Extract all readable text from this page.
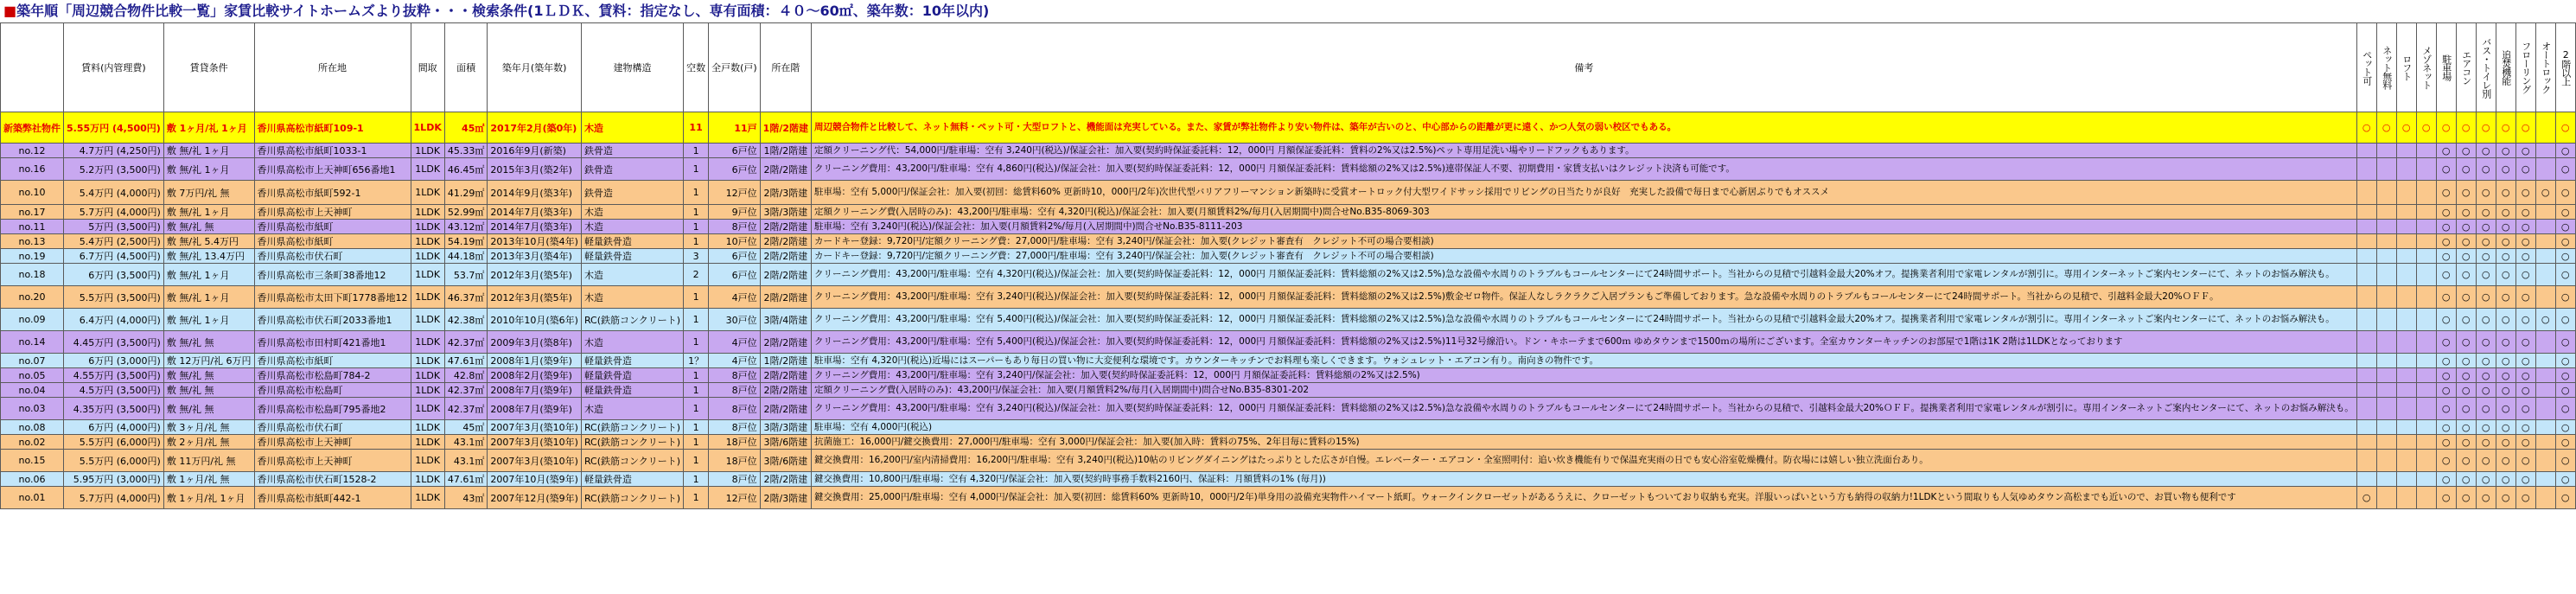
■築年順「周辺競合物件比較一覧」家賃比較サイトホームズより抜粋・・・検索条件(1ＬＤＫ、賃料：指定なし、専有面積：４０～60㎡、築年数：10年以内)
	賃料(内管理費)	賃貸条件	所在地	間取	面積	築年月(築年数)	建物構造	空数	全戸数(戸)	所在階	備考	ペット可	ネット無料	ロフト	メゾネット	駐車場	エアコン	バス・トイレ別	追焚機能	フローリング	オートロック	2階以上
新築弊社物件	5.55万円 (4,500円)	敷 1ヶ月/礼 1ヶ月	香川県高松市紙町109-1	1LDK	45㎡	2017年2月(築0年)	木造	11	11戸	1階/2階建	周辺競合物件と比較して、ネット無料・ペット可・大型ロフトと、機能面は充実している。また、家賃が弊社物件より安い物件は、築年が古いのと、中心部からの距離が更に遠く、かつ人気の弱い校区でもある。	○	○	○	○	○	○	○	○	○		○
no.12	4.7万円 (4,250円)	敷 無/礼 1ヶ月	香川県高松市紙町1033-1	1LDK	45.33㎡	2016年9月(新築)	鉄骨造	1	6戸位	1階/2階建	定額クリーニング代：54,000円/駐車場：空有 3,240円(税込)/保証会社：加入要(契約時保証委託料：12，000円 月額保証委託料：賃料の2%又は2.5%)ペット専用足洗い場やリードフックもあります。					○	○	○	○	○		○
no.16	5.2万円 (3,500円)	敷 無/礼 1ヶ月	香川県高松市上天神町656番地1	1LDK	46.45㎡	2015年3月(築2年)	鉄骨造	1	6戸位	2階/2階建	クリーニング費用：43,200円/駐車場：空有 4,860円(税込)/保証会社：加入要(契約時保証委託料：12，000円 月額保証委託料：賃料総額の2%又は2.5%)連帯保証人不要、初期費用・家賃支払いはクレジット決済も可能です。					○	○	○	○	○		○
no.10	5.4万円 (4,000円)	敷 7万円/礼 無	香川県高松市紙町592-1	1LDK	41.29㎡	2014年9月(築3年)	鉄骨造	1	12戸位	2階/3階建	駐車場：空有 5,000円/保証会社：加入要(初回：総賃料60% 更新時10，000円/2年)次世代型バリアフリーマンション新築時に受賞オートロック付大型ワイドサッシ採用でリビングの日当たりが良好　充実した設備で毎日まで心新居ぶりでもオススメ					○	○	○	○	○	○	○
no.17	5.7万円 (4,000円)	敷 無/礼 1ヶ月	香川県高松市上天神町	1LDK	52.99㎡	2014年7月(築3年)	木造	1	9戸位	3階/3階建	定額クリーニング費(入居時のみ)：43,200円/駐車場：空有 4,320円(税込)/保証会社：加入要(月額賃料2%/毎月(入居期間中)問合せNo.B35-8069-303					○	○	○	○	○		○
no.11	5万円 (3,500円)	敷 無/礼 無	香川県高松市紙町	1LDK	43.12㎡	2014年7月(築3年)	木造	1	8戸位	2階/2階建	駐車場：空有 3,240円(税込)/保証会社：加入要(月額賃料2%/毎月(入居期間中)問合せNo.B35-8111-203					○	○	○	○	○		○
no.13	5.4万円 (2,500円)	敷 無/礼 5.4万円	香川県高松市紙町	1LDK	54.19㎡	2013年10月(築4年)	軽量鉄骨造	1	10戸位	2階/2階建	カードキー登録：9,720円/定額クリーニング費：27,000円/駐車場：空有 3,240円/保証会社：加入要(クレジット審査有　クレジット不可の場合要相談)					○	○	○	○	○		○
no.19	6.7万円 (4,500円)	敷 無/礼 13.4万円	香川県高松市伏石町	1LDK	44.18㎡	2013年3月(築4年)	軽量鉄骨造	3	6戸位	2階/2階建	カードキー登録：9,720円/定額クリーニング費：27,000円/駐車場：空有 3,240円/保証会社：加入要(クレジット審査有　クレジット不可の場合要相談)					○	○	○	○	○		○
no.18	6万円 (3,500円)	敷 無/礼 1ヶ月	香川県高松市三条町38番地12	1LDK	53.7㎡	2012年3月(築5年)	木造	2	6戸位	2階/2階建	クリーニング費用：43,200円/駐車場：空有 4,320円(税込)/保証会社：加入要(契約時保証委託料：12，000円 月額保証委託料：賃料総額の2%又は2.5%)急な設備や水周りのトラブルもコールセンターにて24時間サポート。当社からの見積で引越料金最大20%オフ。提携業者利用で家電レンタルが割引に。専用インターネットご案内センターにて、ネットのお悩み解決も。					○	○	○	○	○		○
no.20	5.5万円 (3,500円)	敷 無/礼 1ヶ月	香川県高松市太田下町1778番地12	1LDK	46.37㎡	2012年3月(築5年)	木造	1	4戸位	2階/2階建	クリーニング費用：43,200円/駐車場：空有 3,240円(税込)/保証会社：加入要(契約時保証委託料：12，000円 月額保証委託料：賃料総額の2%又は2.5%)敷金ゼロ物件。保証人なしラクラクご入居プランもご準備しております。急な設備や水周りのトラブルもコールセンターにて24時間サポート。当社からの見積で、引越料金最大20%ＯＦＦ。					○	○	○	○	○		○
no.09	6.4万円 (4,000円)	敷 無/礼 1ヶ月	香川県高松市伏石町2033番地1	1LDK	42.38㎡	2010年10月(築6年)	RC(鉄筋コンクリート)	1	30戸位	3階/4階建	クリーニング費用：43,200円/駐車場：空有 5,400円(税込)/保証会社：加入要(契約時保証委託料：12，000円 月額保証委託料：賃料総額の2%又は2.5%)急な設備や水周りのトラブルもコールセンターにて24時間サポート。当社からの見積で引越料金最大20%オフ。提携業者利用で家電レンタルが割引に。専用インターネットご案内センターにて、ネットのお悩み解決も。					○	○	○	○	○	○	○
no.14	4.45万円 (3,500円)	敷 無/礼 無	香川県高松市田村町421番地1	1LDK	42.37㎡	2009年3月(築8年)	木造	1	4戸位	2階/2階建	クリーニング費用：43,200円/駐車場：空有 5,400円(税込)/保証会社：加入要(契約時保証委託料：12，000円 月額保証委託料：賃料総額の2%又は2.5%)11号32号線沿い。ドン・キホーテまで600ｍ ゆめタウンまで1500ｍの場所にございます。全室カウンターキッチンのお部屋で1階は1K 2階は1LDKとなっております					○	○	○	○	○		○
no.07	6万円 (3,000円)	敷 12万円/礼 6万円	香川県高松市紙町	1LDK	47.61㎡	2008年1月(築9年)	軽量鉄骨造	1？	4戸位	1階/2階建	駐車場：空有 4,320円(税込)近場にはスーパーもあり毎日の買い物に大変便利な環境です。カウンターキッチンでお料理も楽しくできます。ウォシュレット・エアコン有り。南向きの物件です。					○	○	○	○	○		○
no.05	4.55万円 (3,500円)	敷 無/礼 無	香川県高松市松島町784-2	1LDK	42.8㎡	2008年2月(築9年)	軽量鉄骨造	1	8戸位	2階/2階建	クリーニング費用：43,200円/駐車場：空有 3,240円/保証会社：加入要(契約時保証委託料：12，000円 月額保証委託料：賃料総額の2%又は2.5%)					○	○	○	○	○		○
no.04	4.5万円 (3,500円)	敷 無/礼 無	香川県高松市松島町	1LDK	42.37㎡	2008年7月(築9年)	軽量鉄骨造	1	8戸位	2階/2階建	定額クリーニング費(入居時のみ)：43,200円/保証会社：加入要(月額賃料2%/毎月(入居期間中)問合せNo.B35-8301-202					○	○	○	○	○		○
no.03	4.35万円 (3,500円)	敷 無/礼 無	香川県高松市松島町795番地2	1LDK	42.37㎡	2008年7月(築9年)	木造	1	8戸位	2階/2階建	クリーニング費用：43,200円/駐車場：空有 3,240円(税込)/保証会社：加入要(契約時保証委託料：12，000円 月額保証委託料：賃料総額の2%又は2.5%)急な設備や水周りのトラブルもコールセンターにて24時間サポート。当社からの見積で、引越料金最大20%ＯＦＦ。提携業者利用で家電レンタルが割引に。専用インターネットご案内センターにて、ネットのお悩み解決も。					○	○	○	○	○		○
no.08	6万円 (4,000円)	敷 3ヶ月/礼 無	香川県高松市伏石町	1LDK	45㎡	2007年3月(築10年)	RC(鉄筋コンクリート)	1	8戸位	3階/3階建	駐車場：空有 4,000円(税込)					○	○	○	○	○		○
no.02	5.5万円 (6,000円)	敷 2ヶ月/礼 無	香川県高松市上天神町	1LDK	43.1㎡	2007年3月(築10年)	RC(鉄筋コンクリート)	1	18戸位	3階/6階建	抗菌施工：16,000円/鍵交換費用：27,000円/駐車場：空有 3,000円/保証会社：加入要(加入時：賃料の75%、2年目毎に賃料の15%)					○	○	○	○	○		○
no.15	5.5万円 (6,000円)	敷 11万円/礼 無	香川県高松市上天神町	1LDK	43.1㎡	2007年3月(築10年)	RC(鉄筋コンクリート)	1	18戸位	3階/6階建	鍵交換費用：16,200円/室内清掃費用：16,200円/駐車場：空有 3,240円(税込)10帖のリビングダイニングはたっぷりとした広さが自慢。エレベーター・エアコン・全室照明付：追い炊き機能有りで保温充実雨の日でも安心浴室乾燥機付。防衣場には嬉しい独立洗面台あり。					○	○	○	○	○		○
no.06	5.95万円 (3,000円)	敷 1ヶ月/礼 無	香川県高松市伏石町1528-2	1LDK	47.61㎡	2007年10月(築9年)	軽量鉄骨造	1	8戸位	2階/2階建	鍵交換費用：10,800円/駐車場：空有 4,320円/保証会社：加入要(契約時事務手数料2160円、保証料：月額賃料の1% (毎月))					○	○	○	○	○		○
no.01	5.7万円 (4,000円)	敷 1ヶ月/礼 1ヶ月	香川県高松市紙町442-1	1LDK	43㎡	2007年12月(築9年)	RC(鉄筋コンクリート)	1	12戸位	2階/3階建	鍵交換費用：25,000円/駐車場：空有 4,000円/保証会社：加入要(初回：総賃料60% 更新時10，000円/2年)単身用の設備充実物件ハイマート紙町。ウォークインクローゼットがあるうえに、クローゼットもついており収納も充実。洋服いっぱいという方も納得の収納力!1LDKという間取りも人気ゆめタウン高松までも近いので、お買い物も便利です	○				○	○	○	○	○		○
